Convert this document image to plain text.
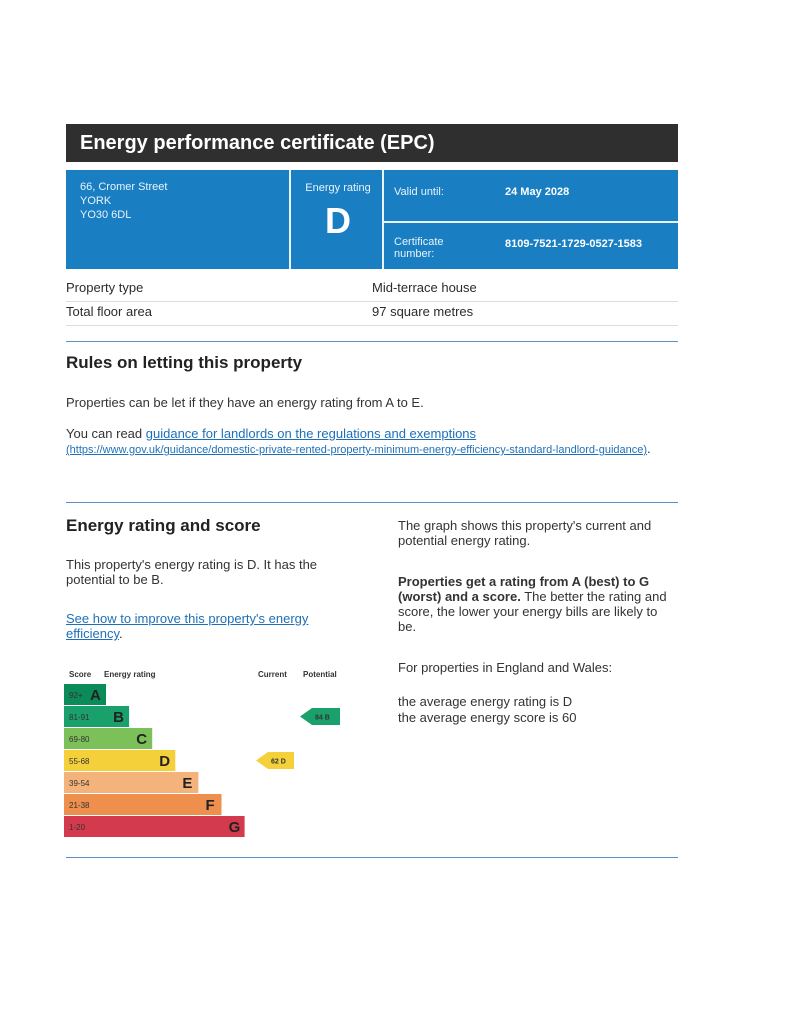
Energy performance certificate (EPC)
66, Cromer Street
YORK
YO30 6DL
Energy rating
D
Valid until:	24 May 2028
Certificate number:
8109-7521-1729-0527-1583
Property type	Mid-terrace house
Total floor area	97 square metres
Rules on letting this property
Properties can be let if they have an energy rating from A to E.
You can read guidance for landlords on the regulations and exemptions
(https://www.gov.uk/guidance/domestic-private-rented-property-minimum-energy-efficiency-standard-landlord-guidance).
Energy rating and score
This property's energy rating is D. It has the potential to be B.
See how to improve this property's energy efficiency.
The graph shows this property's current and potential energy rating.
Properties get a rating from A (best) to G (worst) and a score. The better the rating and score, the lower your energy bills are likely to be.
For properties in England and Wales:
the average energy rating is D
the average energy score is 60
Score Energy rating	Current Potential
92+ A
81-91 B
69-80	C
55-68	D
39-54	E
21-38	F
1-20	G
62 D
84 B
